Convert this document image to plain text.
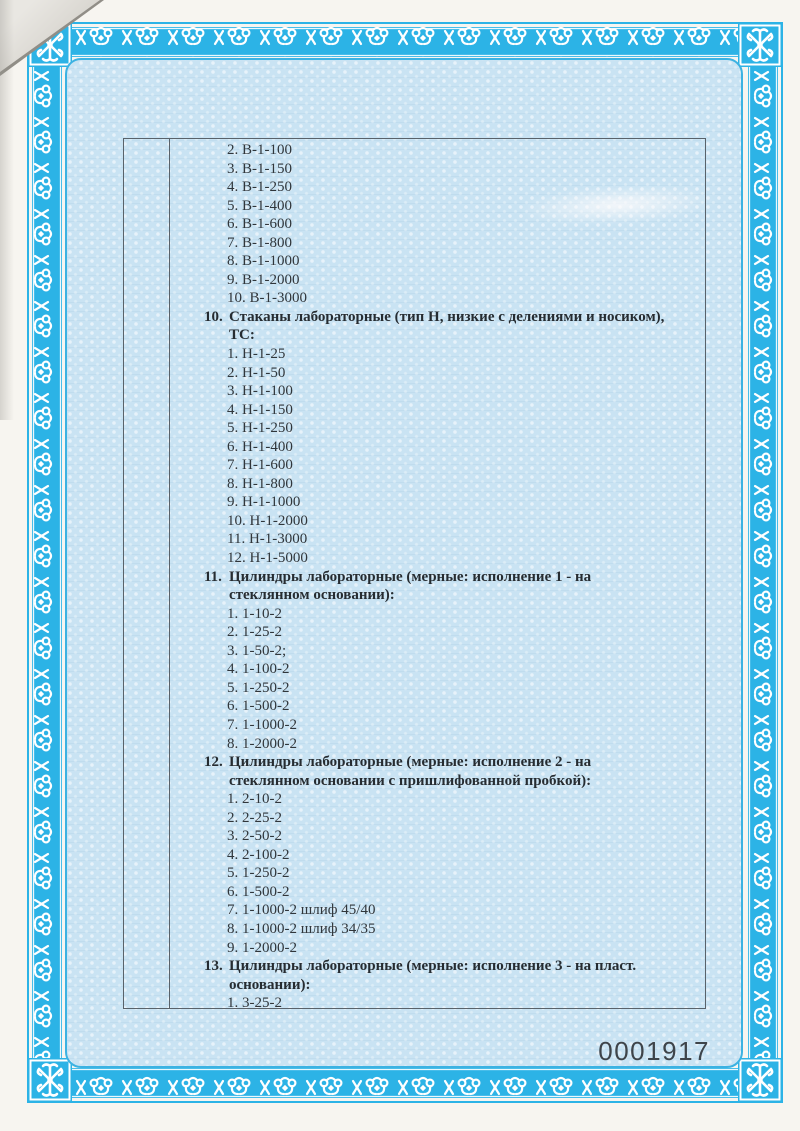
2. В-1-100
3. В-1-150
4. В-1-250
5. В-1-400
6. В-1-600
7. В-1-800
8. В-1-1000
9. В-1-2000
10. В-1-3000
10. Стаканы лабораторные (тип Н, низкие с делениями и носиком),
ТС:
1. Н-1-25
2. Н-1-50
3. Н-1-100
4. Н-1-150
5. Н-1-250
6. Н-1-400
7. Н-1-600
8. Н-1-800
9. Н-1-1000
10. Н-1-2000
11. Н-1-3000
12. Н-1-5000
11. Цилиндры лабораторные (мерные: исполнение 1 - на
стеклянном основании):
1. 1-10-2
2. 1-25-2
3. 1-50-2;
4. 1-100-2
5. 1-250-2
6. 1-500-2
7. 1-1000-2
8. 1-2000-2
12. Цилиндры лабораторные (мерные: исполнение 2 - на
стеклянном основании с пришлифованной пробкой):
1. 2-10-2
2. 2-25-2
3. 2-50-2
4. 2-100-2
5. 1-250-2
6. 1-500-2
7. 1-1000-2 шлиф 45/40
8. 1-1000-2 шлиф 34/35
9. 1-2000-2
13. Цилиндры лабораторные (мерные: исполнение 3 - на пласт.
основании):
1. 3-25-2
0001917
